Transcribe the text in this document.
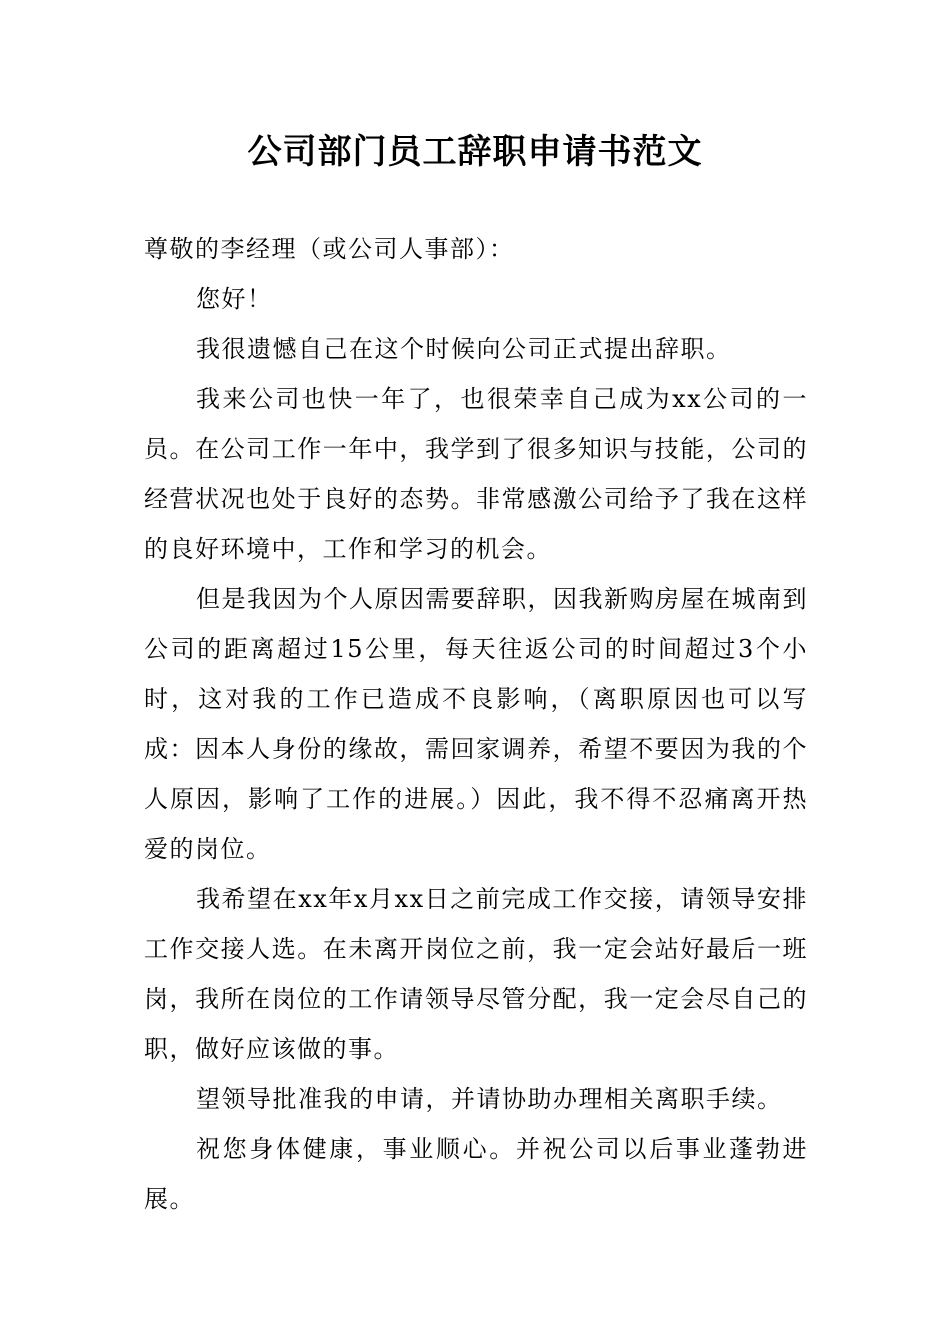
公司部门员工辞职申请书范文

尊敬的李经理（或公司人事部）：

您好！

我很遗憾自己在这个时候向公司正式提出辞职。

我来公司也快一年了，也很荣幸自己成为xx公司的一员。在公司工作一年中，我学到了很多知识与技能，公司的经营状况也处于良好的态势。非常感激公司给予了我在这样的良好环境中，工作和学习的机会。

但是我因为个人原因需要辞职，因我新购房屋在城南到公司的距离超过15公里，每天往返公司的时间超过3个小时，这对我的工作已造成不良影响，（离职原因也可以写成：因本人身份的缘故，需回家调养，希望不要因为我的个人原因，影响了工作的进展。）因此，我不得不忍痛离开热爱的岗位。

我希望在xx年x月xx日之前完成工作交接，请领导安排工作交接人选。在未离开岗位之前，我一定会站好最后一班岗，我所在岗位的工作请领导尽管分配，我一定会尽自己的职，做好应该做的事。

望领导批准我的申请，并请协助办理相关离职手续。

祝您身体健康，事业顺心。并祝公司以后事业蓬勃进展。
